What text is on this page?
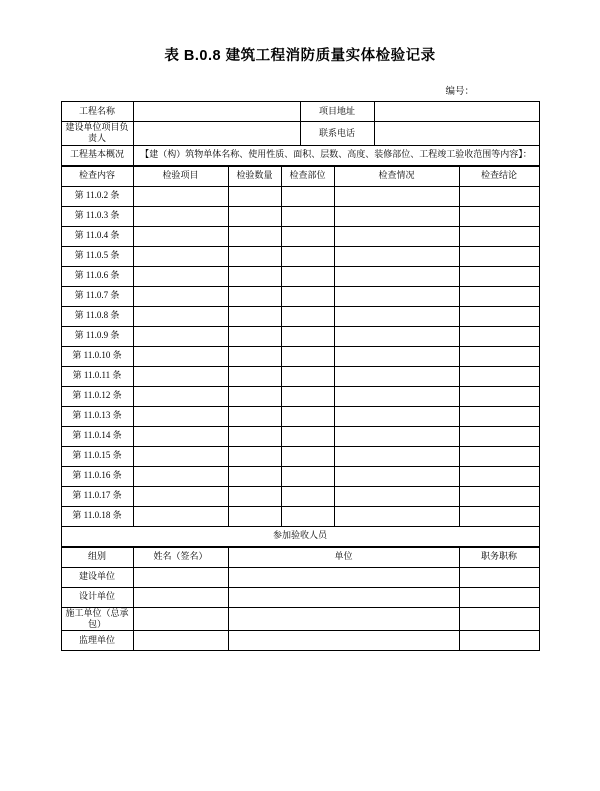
表 B.0.8 建筑工程消防质量实体检验记录
编号：
工程名称		项目地址	
建设单位项目负责人		联系电话	
工程基本概况	【建（构）筑物单体名称、使用性质、面积、层数、高度、装修部位、工程竣工验收范围等内容】：		
检查内容	检验项目	检验数量	检查部位	检查情况	检查结论
第 11.0.2 条					
第 11.0.3 条					
第 11.0.4 条					
第 11.0.5 条					
第 11.0.6 条					
第 11.0.7 条					
第 11.0.8 条					
第 11.0.9 条					
第 11.0.10 条					
第 11.0.11 条					
第 11.0.12 条					
第 11.0.13 条					
第 11.0.14 条					
第 11.0.15 条					
第 11.0.16 条					
第 11.0.17 条					
第 11.0.18 条					
参加验收人员					
组别	姓名（签名）	单位	职务职称
建设单位			
设计单位			
施工单位（总承包）			
监理单位			
